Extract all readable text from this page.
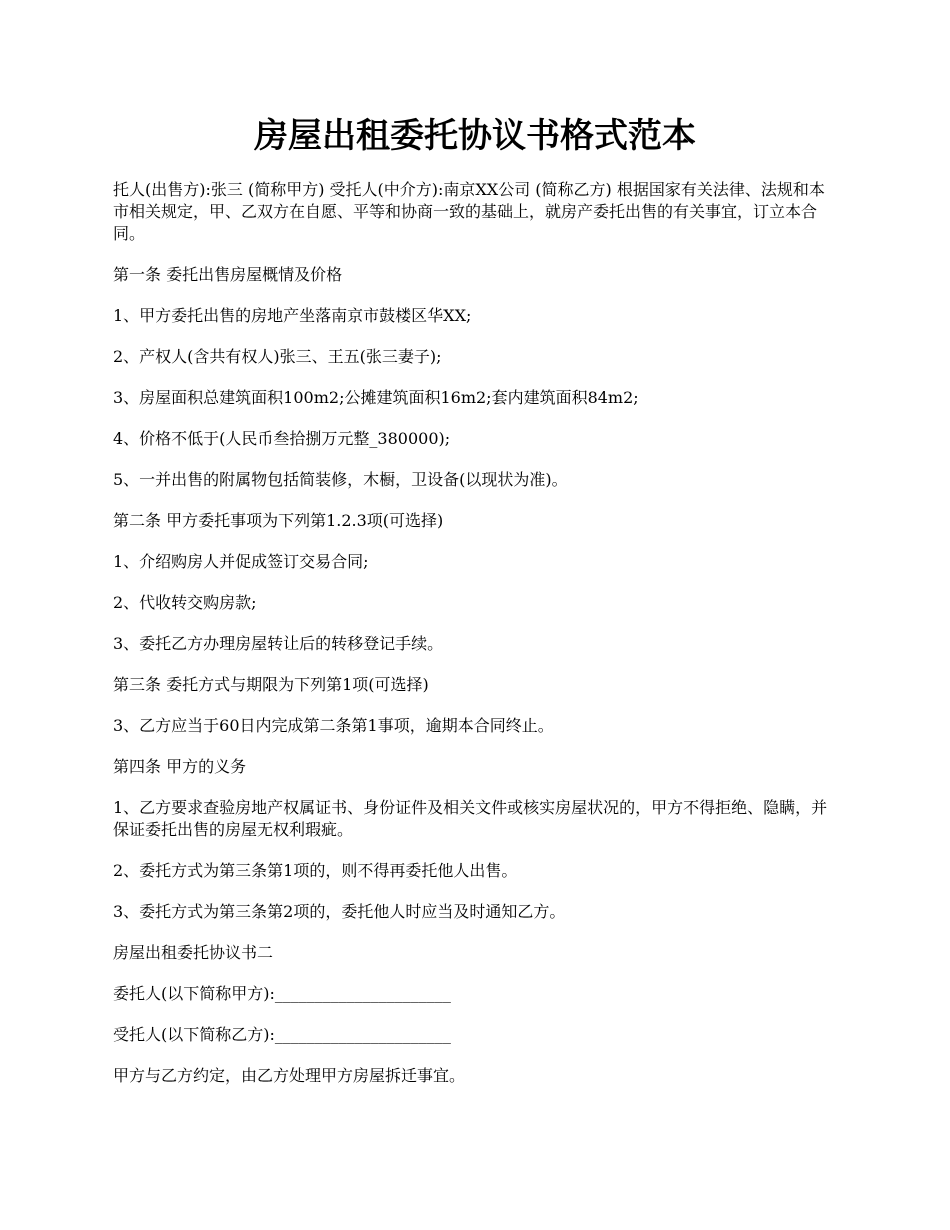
房屋出租委托协议书格式范本

托人(出售方):张三 (简称甲方) 受托人(中介方):南京XX公司 (简称乙方) 根据国家有关法律、法规和本市相关规定，甲、乙双方在自愿、平等和协商一致的基础上，就房产委托出售的有关事宜，订立本合同。

第一条 委托出售房屋概情及价格

1、甲方委托出售的房地产坐落南京市鼓楼区华XX;

2、产权人(含共有权人)张三、王五(张三妻子);

3、房屋面积总建筑面积100m2;公摊建筑面积16m2;套内建筑面积84m2;

4、价格不低于(人民币叁拾捌万元整_380000);

5、一并出售的附属物包括简装修，木橱，卫设备(以现状为准)。

第二条 甲方委托事项为下列第1.2.3项(可选择)

1、介绍购房人并促成签订交易合同;

2、代收转交购房款;

3、委托乙方办理房屋转让后的转移登记手续。

第三条 委托方式与期限为下列第1项(可选择)

3、乙方应当于60日内完成第二条第1事项，逾期本合同终止。

第四条 甲方的义务

1、乙方要求查验房地产权属证书、身份证件及相关文件或核实房屋状况的，甲方不得拒绝、隐瞒，并保证委托出售的房屋无权利瑕疵。

2、委托方式为第三条第1项的，则不得再委托他人出售。

3、委托方式为第三条第2项的，委托他人时应当及时通知乙方。

房屋出租委托协议书二

委托人(以下简称甲方):______________________

受托人(以下简称乙方):______________________

甲方与乙方约定，由乙方处理甲方房屋拆迁事宜。
